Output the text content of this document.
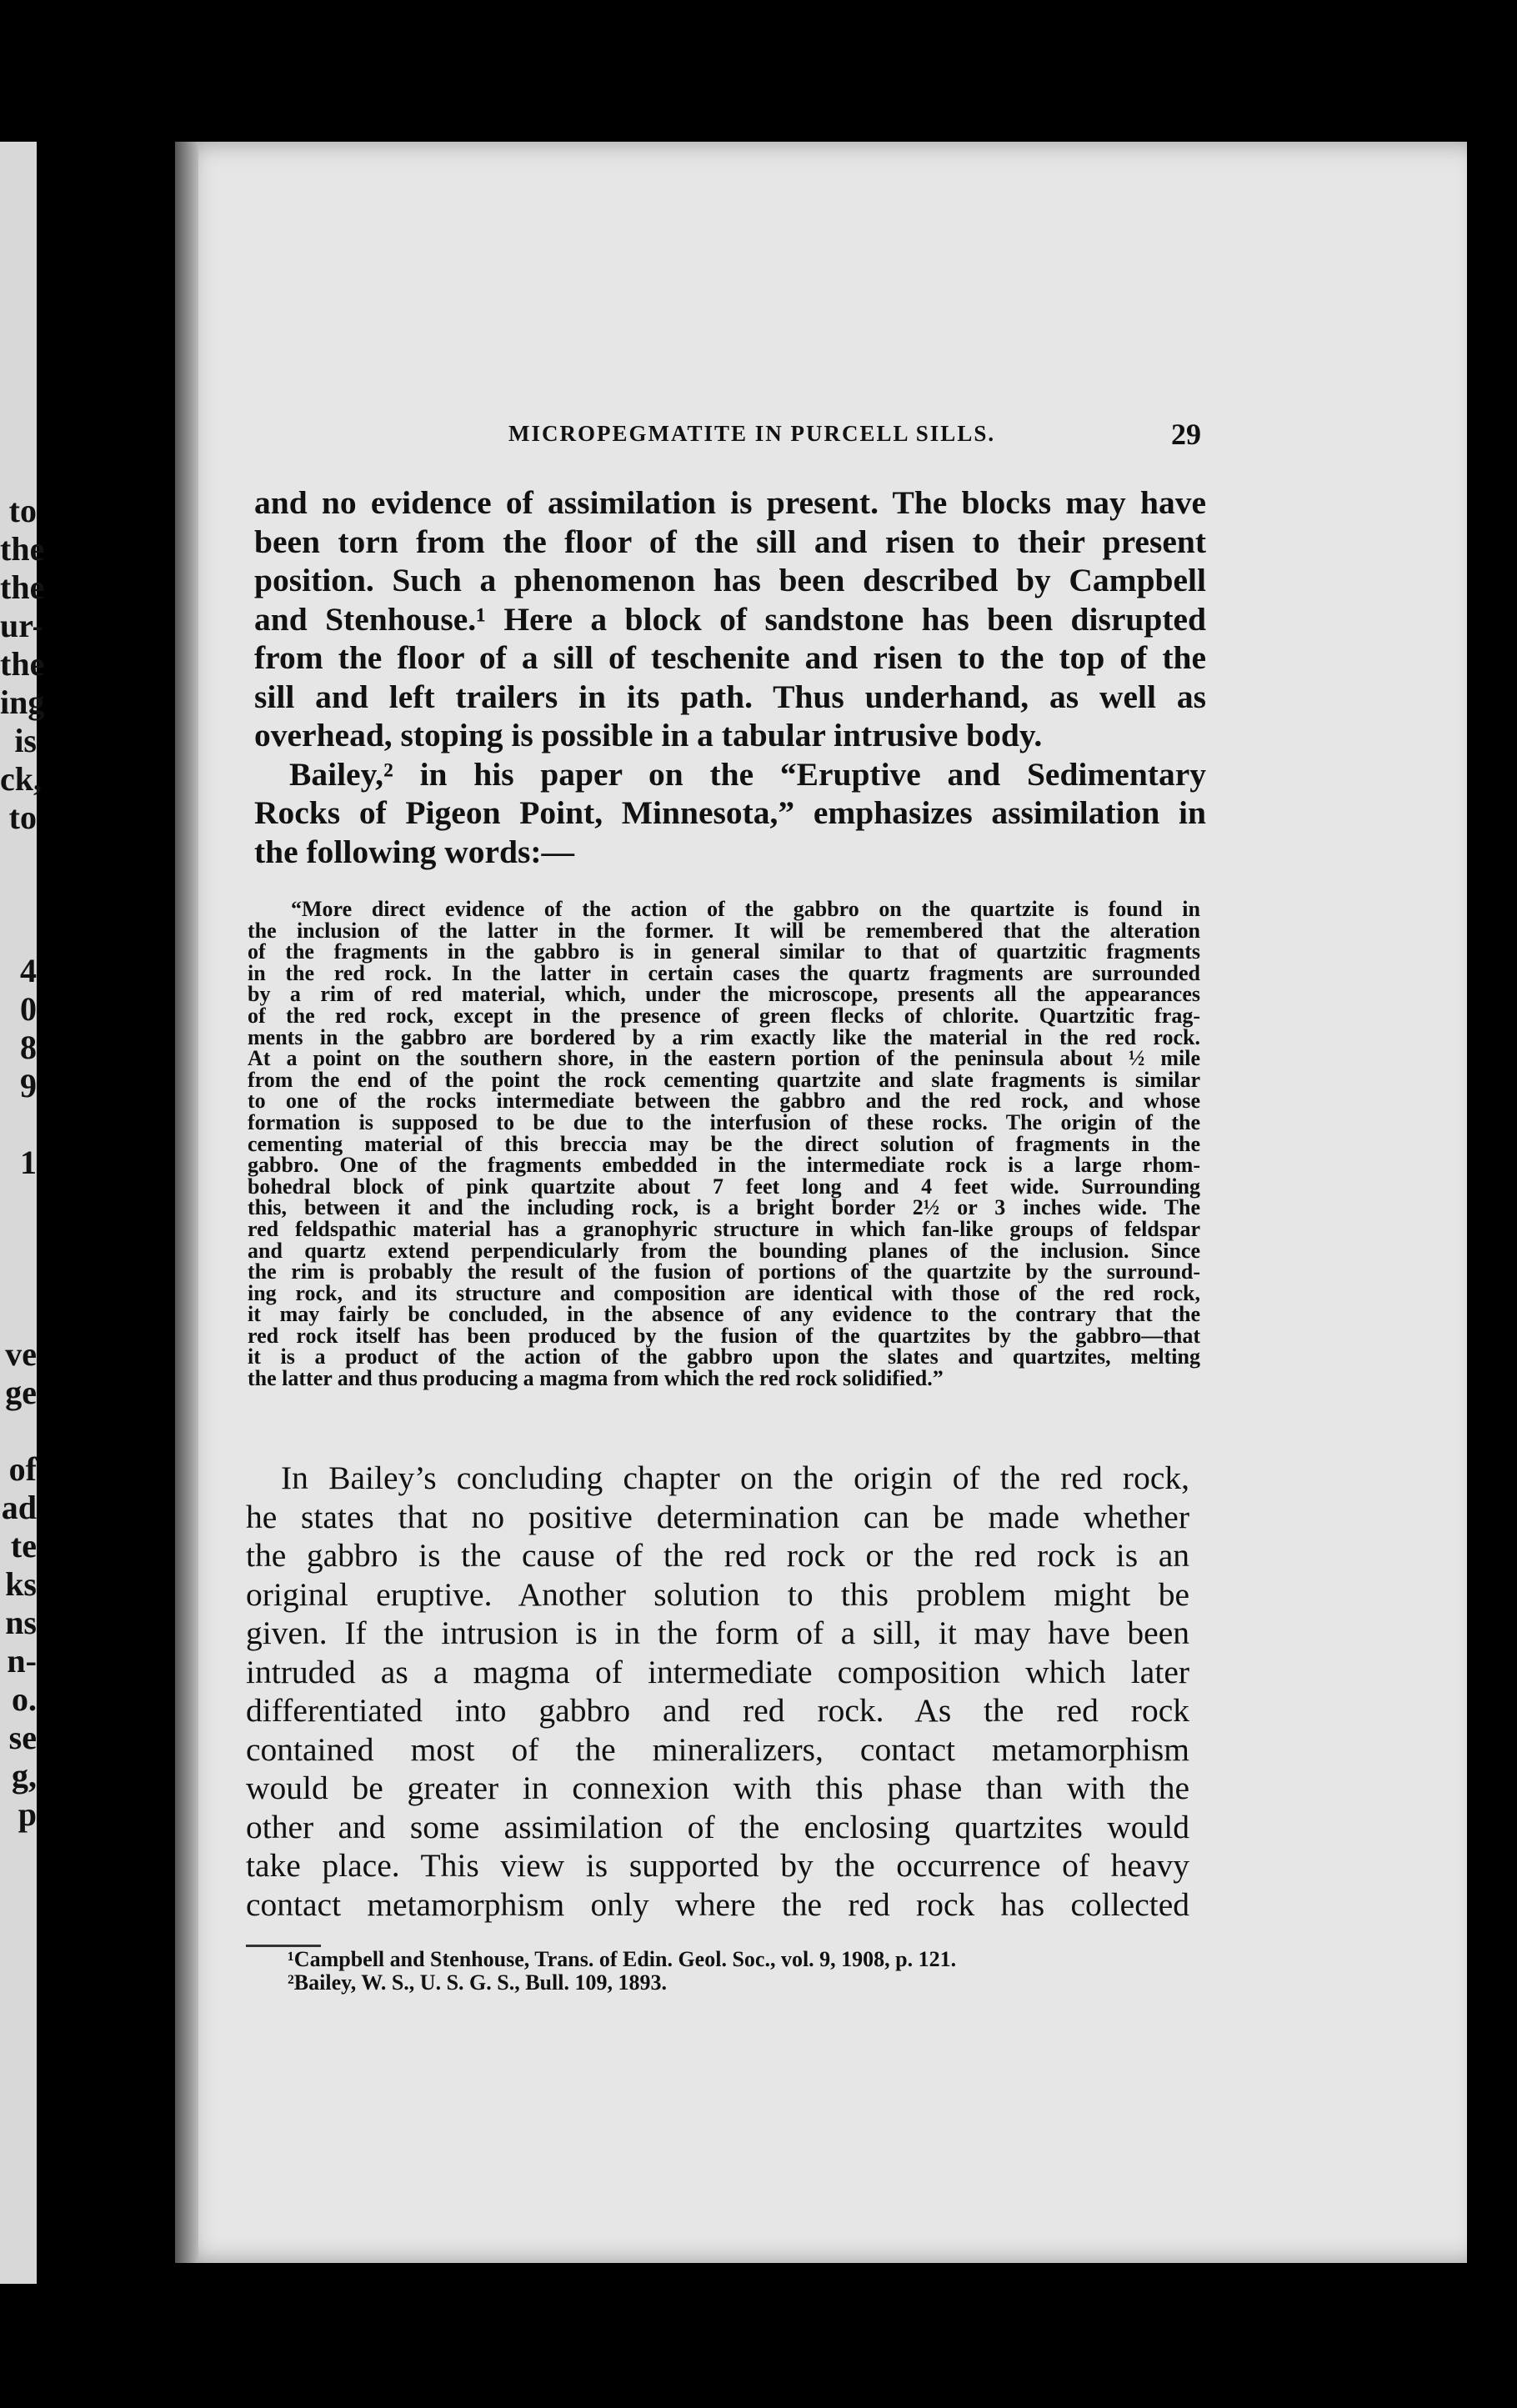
to
the
the
ur-
the
ing
is
ck,
to

4
0
8
9

1

ve
ge

of
ad
te
ks
ns
n-
o.
se
g,
p
MICROPEGMATITE IN PURCELL SILLS.	29
and no evidence of assimilation is present. The blocks may have
been torn from the floor of the sill and risen to their present
position. Such a phenomenon has been described by Campbell
and Stenhouse.¹ Here a block of sandstone has been disrupted
from the floor of a sill of teschenite and risen to the top of the
sill and left trailers in its path. Thus underhand, as well as
overhead, stoping is possible in a tabular intrusive body.
Bailey,² in his paper on the “Eruptive and Sedimentary
Rocks of Pigeon Point, Minnesota,” emphasizes assimilation in
the following words:—
“More direct evidence of the action of the gabbro on the quartzite is found in
the inclusion of the latter in the former. It will be remembered that the alteration
of the fragments in the gabbro is in general similar to that of quartzitic fragments
in the red rock. In the latter in certain cases the quartz fragments are surrounded
by a rim of red material, which, under the microscope, presents all the appearances
of the red rock, except in the presence of green flecks of chlorite. Quartzitic frag-
ments in the gabbro are bordered by a rim exactly like the material in the red rock.
At a point on the southern shore, in the eastern portion of the peninsula about ½ mile
from the end of the point the rock cementing quartzite and slate fragments is similar
to one of the rocks intermediate between the gabbro and the red rock, and whose
formation is supposed to be due to the interfusion of these rocks. The origin of the
cementing material of this breccia may be the direct solution of fragments in the
gabbro. One of the fragments embedded in the intermediate rock is a large rhom-
bohedral block of pink quartzite about 7 feet long and 4 feet wide. Surrounding
this, between it and the including rock, is a bright border 2½ or 3 inches wide. The
red feldspathic material has a granophyric structure in which fan-like groups of feldspar
and quartz extend perpendicularly from the bounding planes of the inclusion. Since
the rim is probably the result of the fusion of portions of the quartzite by the surround-
ing rock, and its structure and composition are identical with those of the red rock,
it may fairly be concluded, in the absence of any evidence to the contrary that the
red rock itself has been produced by the fusion of the quartzites by the gabbro—that
it is a product of the action of the gabbro upon the slates and quartzites, melting
the latter and thus producing a magma from which the red rock solidified.”
In Bailey’s concluding chapter on the origin of the red rock,
he states that no positive determination can be made whether
the gabbro is the cause of the red rock or the red rock is an
original eruptive. Another solution to this problem might be
given. If the intrusion is in the form of a sill, it may have been
intruded as a magma of intermediate composition which later
differentiated into gabbro and red rock. As the red rock
contained most of the mineralizers, contact metamorphism
would be greater in connexion with this phase than with the
other and some assimilation of the enclosing quartzites would
take place. This view is supported by the occurrence of heavy
contact metamorphism only where the red rock has collected
¹Campbell and Stenhouse, Trans. of Edin. Geol. Soc., vol. 9, 1908, p. 121.
²Bailey, W. S., U. S. G. S., Bull. 109, 1893.
